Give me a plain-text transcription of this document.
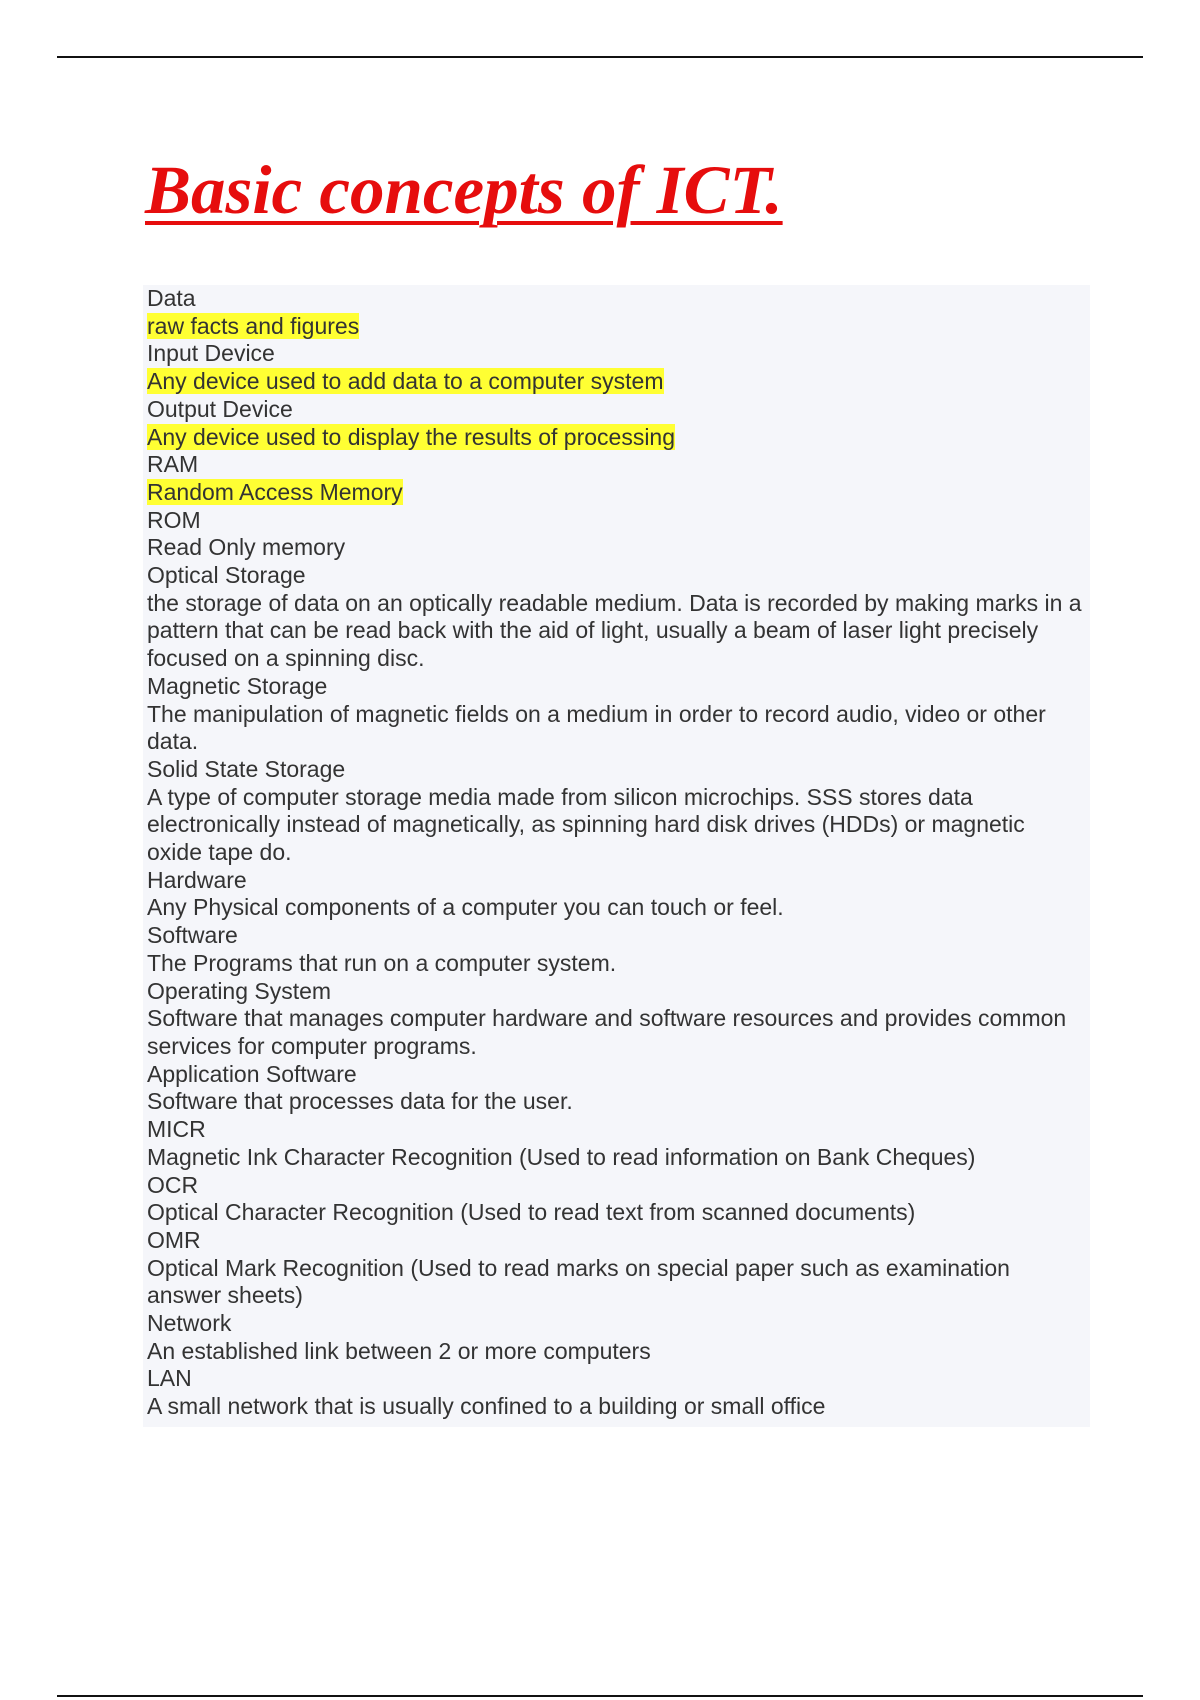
Basic concepts of ICT.
Data
raw facts and figures
Input Device
Any device used to add data to a computer system
Output Device
Any device used to display the results of processing
RAM
Random Access Memory
ROM
Read Only memory
Optical Storage
the storage of data on an optically readable medium. Data is recorded by making marks in a pattern that can be read back with the aid of light, usually a beam of laser light precisely focused on a spinning disc.
Magnetic Storage
The manipulation of magnetic fields on a medium in order to record audio, video or other data.
Solid State Storage
A type of computer storage media made from silicon microchips. SSS stores data electronically instead of magnetically, as spinning hard disk drives (HDDs) or magnetic oxide tape do.
Hardware
Any Physical components of a computer you can touch or feel.
Software
The Programs that run on a computer system.
Operating System
Software that manages computer hardware and software resources and provides common services for computer programs.
Application Software
Software that processes data for the user.
MICR
Magnetic Ink Character Recognition (Used to read information on Bank Cheques)
OCR
Optical Character Recognition (Used to read text from scanned documents)
OMR
Optical Mark Recognition (Used to read marks on special paper such as examination answer sheets)
Network
An established link between 2 or more computers
LAN
A small network that is usually confined to a building or small office
